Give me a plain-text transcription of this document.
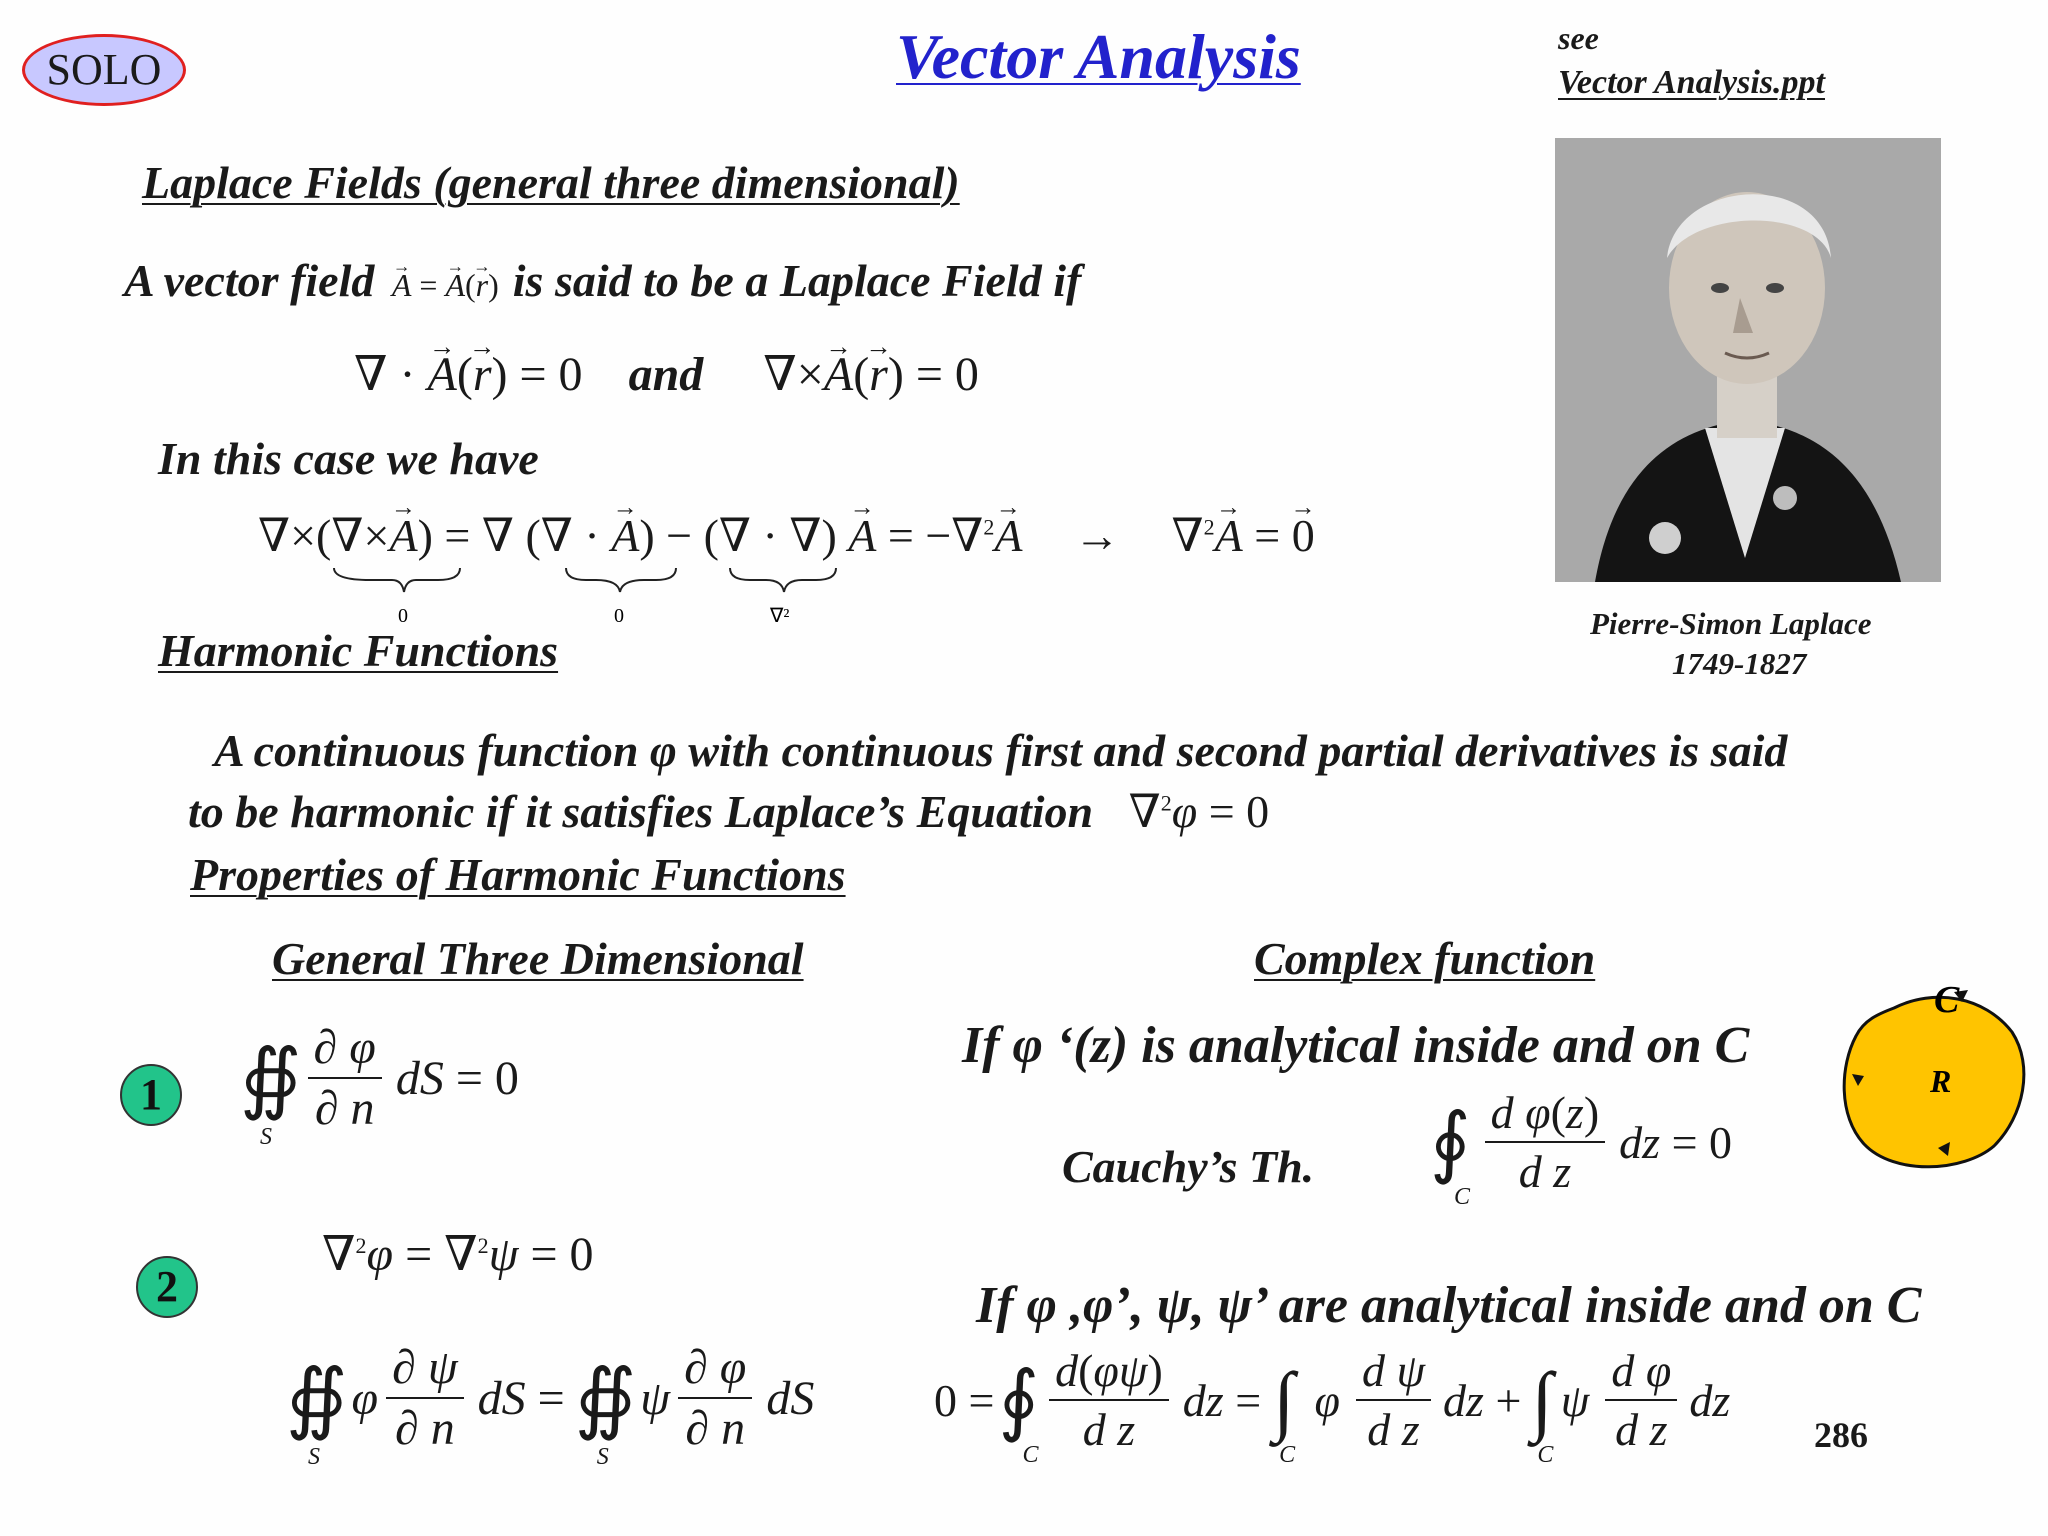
SOLO	Vector Analysis	see
Vector Analysis.ppt
Pierre-Simon Laplace
1749-1827
Laplace Fields (general three dimensional)
A vector field → A = → A(→ r) is said to be a Laplace Field if
∇ · → A(→ r) = 0 and ∇×→ A(→ r) = 0
In this case we have
∇×(∇×→ A) = ∇ (∇ · → A) − (∇ · ∇) → A = −∇$^2$→ A → ∇$^2$→ A = → 0
0	0	∇²
Harmonic Functions
A continuous function φ with continuous first and second partial derivatives is said
to be harmonic if it satisfies Laplace’s Equation ∇$^2$φ = 0
Properties of Harmonic Functions
General Three Dimensional	Complex function
1 ∯
S
$\frac{\partial \varphi}{\partial n}$ dS = 0
2
∇$^2$φ = ∇$^2$ψ = 0
∯
S
φ $\frac{\partial \psi}{\partial n}$ dS = ∯
S
ψ $\frac{\partial \varphi}{\partial n}$ dS
If φ ‘(z) is analytical inside and on C
Cauchy’s Th. ∮
C $\frac{\text{d φ(z)}}{\text{d z}}$ dz = 0
R
C
If φ ,φ’, ψ, ψ’ are analytical inside and on C
0 = ∮
C $\frac{d(\varphi\psi)}{\text{d z}}$ dz = ∫
C
φ $\frac{\text{d ψ}}{\text{d z}}$ dz + ∫
C
ψ $\frac{\text{d φ}}{\text{d z}}$ dz
286
